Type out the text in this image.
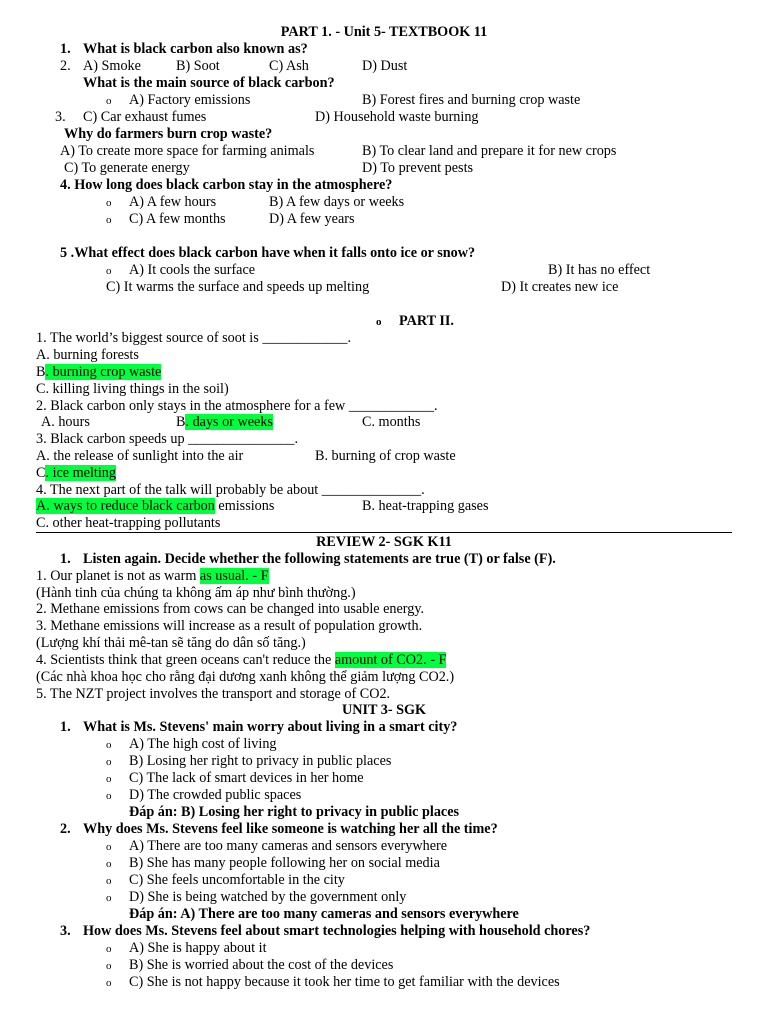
PART 1. - Unit 5- TEXTBOOK 11
1. What is black carbon also known as?
2. A) Smoke B) Soot	C) Ash	D) Dust
What is the main source of black carbon?
o A) Factory emissions	B) Forest fires and burning crop waste
3. C) Car exhaust fumes	D) Household waste burning
Why do farmers burn crop waste?
A) To create more space for farming animals	B) To clear land and prepare it for new crops
C) To generate energy	D) To prevent pests
4. How long does black carbon stay in the atmosphere?
o A) A few hours	B) A few days or weeks
o C) A few months	D) A few years
5 .What effect does black carbon have when it falls onto ice or snow?
o A) It cools the surface	B) It has no effect
C) It warms the surface and speeds up melting	D) It creates new ice
o PART II.
1. The world’s biggest source of soot is ____________.
A. burning forests
B. burning crop waste
C. killing living things in the soil)
2. Black carbon only stays in the atmosphere for a few ____________.
A. hours	B. days or weeks	C. months
3. Black carbon speeds up _______________.
A. the release of sunlight into the air	B. burning of crop waste
C. ice melting
4. The next part of the talk will probably be about ______________.
A. ways to reduce black carbon emissions	B. heat-trapping gases
C. other heat-trapping pollutants
REVIEW 2- SGK K11
1. Listen again. Decide whether the following statements are true (T) or false (F).
1. Our planet is not as warm as usual. - F
(Hành tinh của chúng ta không ấm áp như bình thường.)
2. Methane emissions from cows can be changed into usable energy.
3. Methane emissions will increase as a result of population growth.
(Lượng khí thải mê-tan sẽ tăng do dân số tăng.)
4. Scientists think that green oceans can't reduce the amount of CO2. - F
(Các nhà khoa học cho rằng đại dương xanh không thể giảm lượng CO2.)
5. The NZT project involves the transport and storage of CO2.
UNIT 3- SGK
1. What is Ms. Stevens' main worry about living in a smart city?
o A) The high cost of living
o B) Losing her right to privacy in public places
o C) The lack of smart devices in her home
o D) The crowded public spaces
Đáp án: B) Losing her right to privacy in public places
2. Why does Ms. Stevens feel like someone is watching her all the time?
o A) There are too many cameras and sensors everywhere
o B) She has many people following her on social media
o C) She feels uncomfortable in the city
o D) She is being watched by the government only
Đáp án: A) There are too many cameras and sensors everywhere
3. How does Ms. Stevens feel about smart technologies helping with household chores?
o A) She is happy about it
o B) She is worried about the cost of the devices
o C) She is not happy because it took her time to get familiar with the devices
